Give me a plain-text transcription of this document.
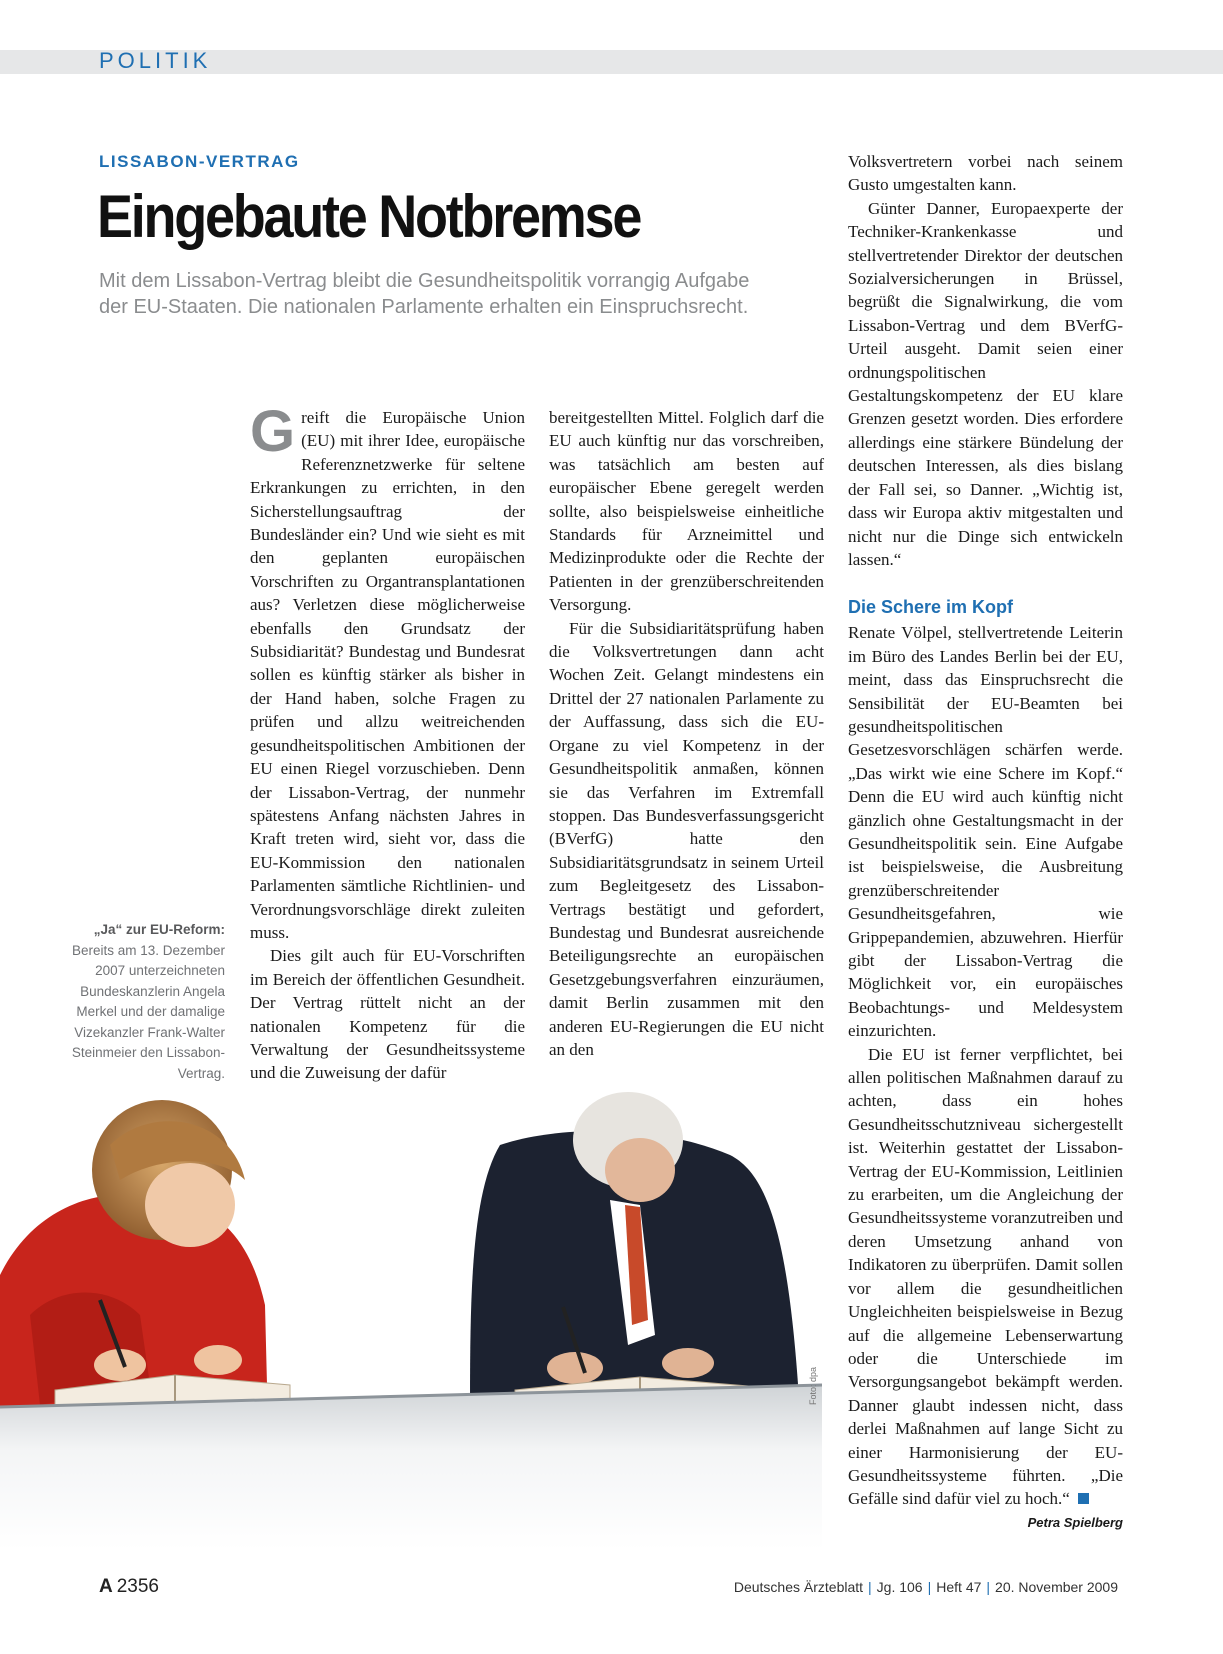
POLITIK
LISSABON-VERTRAG
Eingebaute Notbremse
Mit dem Lissabon-Vertrag bleibt die Gesundheitspolitik vorrangig Aufgabe der EU-Staaten. Die nationalen Parlamente erhalten ein Einspruchsrecht.

Greift die Europäische Union (EU) mit ihrer Idee, europäische Referenznetzwerke für seltene Erkrankungen zu errichten, in den Sicherstellungsauftrag der Bundesländer ein? Und wie sieht es mit den geplanten europäischen Vorschriften zu Organtransplantationen aus? Verletzen diese möglicherweise ebenfalls den Grundsatz der Subsidiarität? Bundestag und Bundesrat sollen es künftig stärker als bisher in der Hand haben, solche Fragen zu prüfen und allzu weitreichenden gesundheitspolitischen Ambitionen der EU einen Riegel vorzuschieben. Denn der Lissabon-Vertrag, der nunmehr spätestens Anfang nächsten Jahres in Kraft treten wird, sieht vor, dass die EU-Kommission den nationalen Parlamenten sämtliche Richtlinien- und Verordnungsvorschläge direkt zuleiten muss.

Dies gilt auch für EU-Vorschriften im Bereich der öffentlichen Gesundheit. Der Vertrag rüttelt nicht an der nationalen Kompetenz für die Verwaltung der Gesundheitssysteme und die Zuweisung der dafür

bereitgestellten Mittel. Folglich darf die EU auch künftig nur das vorschreiben, was tatsächlich am besten auf europäischer Ebene geregelt werden sollte, also beispielsweise einheitliche Standards für Arzneimittel und Medizinprodukte oder die Rechte der Patienten in der grenzüberschreitenden Versorgung.

Für die Subsidiaritätsprüfung haben die Volksvertretungen dann acht Wochen Zeit. Gelangt mindestens ein Drittel der 27 nationalen Parlamente zu der Auffassung, dass sich die EU-Organe zu viel Kompetenz in der Gesundheitspolitik anmaßen, können sie das Verfahren im Extremfall stoppen. Das Bundesverfassungsgericht (BVerfG) hatte den Subsidiaritätsgrundsatz in seinem Urteil zum Begleitgesetz des Lissabon-Vertrags bestätigt und gefordert, Bundestag und Bundesrat ausreichende Beteiligungsrechte an europäischen Gesetzgebungsverfahren einzuräumen, damit Berlin zusammen mit den anderen EU-Regierungen die EU nicht an den

Volksvertretern vorbei nach seinem Gusto umgestalten kann.

Günter Danner, Europaexperte der Techniker-Krankenkasse und stellvertretender Direktor der deutschen Sozialversicherungen in Brüssel, begrüßt die Signalwirkung, die vom Lissabon-Vertrag und dem BVerfG-Urteil ausgeht. Damit seien einer ordnungspolitischen Gestaltungskompetenz der EU klare Grenzen gesetzt worden. Dies erfordere allerdings eine stärkere Bündelung der deutschen Interessen, als dies bislang der Fall sei, so Danner. „Wichtig ist, dass wir Europa aktiv mitgestalten und nicht nur die Dinge sich entwickeln lassen.“

Die Schere im Kopf

Renate Völpel, stellvertretende Leiterin im Büro des Landes Berlin bei der EU, meint, dass das Einspruchsrecht die Sensibilität der EU-Beamten bei gesundheitspolitischen Gesetzesvorschlägen schärfen werde. „Das wirkt wie eine Schere im Kopf.“ Denn die EU wird auch künftig nicht gänzlich ohne Gestaltungsmacht in der Gesundheitspolitik sein. Eine Aufgabe ist beispielsweise, die Ausbreitung grenzüberschreitender Gesundheitsgefahren, wie Grippepandemien, abzuwehren. Hierfür gibt der Lissabon-Vertrag die Möglichkeit vor, ein europäisches Beobachtungs- und Meldesystem einzurichten.

Die EU ist ferner verpflichtet, bei allen politischen Maßnahmen darauf zu achten, dass ein hohes Gesundheitsschutzniveau sichergestellt ist. Weiterhin gestattet der Lissabon-Vertrag der EU-Kommission, Leitlinien zu erarbeiten, um die Angleichung der Gesundheitssysteme voranzutreiben und deren Umsetzung anhand von Indikatoren zu überprüfen. Damit sollen vor allem die gesundheitlichen Ungleichheiten beispielsweise in Bezug auf die allgemeine Lebenserwartung oder die Unterschiede im Versorgungsangebot bekämpft werden. Danner glaubt indessen nicht, dass derlei Maßnahmen auf lange Sicht zu einer Harmonisierung der EU-Gesundheitssysteme führten. „Die Gefälle sind dafür viel zu hoch.“

Petra Spielberg
„Ja“ zur EU-Reform:
Bereits am 13. Dezember 2007 unterzeichneten Bundeskanzlerin Angela Merkel und der damalige Vizekanzler Frank-Walter Steinmeier den Lissabon-Vertrag.
Foto: dpa
A 2356	Deutsches Ärzteblatt | Jg. 106 | Heft 47 | 20. November 2009
